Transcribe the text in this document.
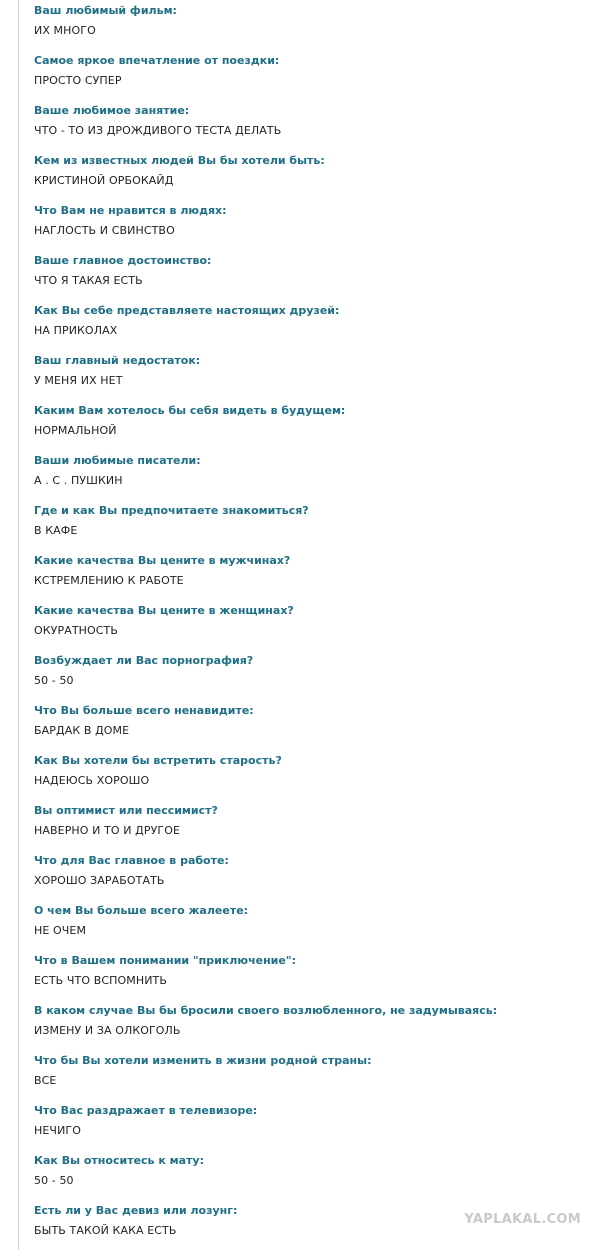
Ваш любимый фильм:
ИХ МНОГО
Самое яркое впечатление от поездки:
ПРОСТО СУПЕР
Ваше любимое занятие:
ЧТО - ТО ИЗ ДРОЖДИВОГО ТЕСТА ДЕЛАТЬ
Кем из известных людей Вы бы хотели быть:
КРИСТИНОЙ ОРБОКАЙД
Что Вам не нравится в людях:
НАГЛОСТЬ И СВИНСТВО
Ваше главное достоинство:
ЧТО Я ТАКАЯ ЕСТЬ
Как Вы себе представляете настоящих друзей:
НА ПРИКОЛАХ
Ваш главный недостаток:
У МЕНЯ ИХ НЕТ
Каким Вам хотелось бы себя видеть в будущем:
НОРМАЛЬНОЙ
Ваши любимые писатели:
А . С . ПУШКИН
Где и как Вы предпочитаете знакомиться?
В КАФЕ
Какие качества Вы цените в мужчинах?
КСТРЕМЛЕНИЮ К РАБОТЕ
Какие качества Вы цените в женщинах?
ОКУРАТНОСТЬ
Возбуждает ли Вас порнография?
50 - 50
Что Вы больше всего ненавидите:
БАРДАК В ДОМЕ
Как Вы хотели бы встретить старость?
НАДЕЮСЬ ХОРОШО
Вы оптимист или пессимист?
НАВЕРНО И ТО И ДРУГОЕ
Что для Вас главное в работе:
ХОРОШО ЗАРАБОТАТЬ
О чем Вы больше всего жалеете:
НЕ ОЧЕМ
Что в Вашем понимании "приключение":
ЕСТЬ ЧТО ВСПОМНИТЬ
В каком случае Вы бы бросили своего возлюбленного, не задумываясь:
ИЗМЕНУ И ЗА ОЛКОГОЛЬ
Что бы Вы хотели изменить в жизни родной страны:
ВСЕ
Что Вас раздражает в телевизоре:
НЕЧИГО
Как Вы относитесь к мату:
50 - 50
Есть ли у Вас девиз или лозунг:
БЫТЬ ТАКОЙ КАКА ЕСТЬ
YAPLAKAL.COM
